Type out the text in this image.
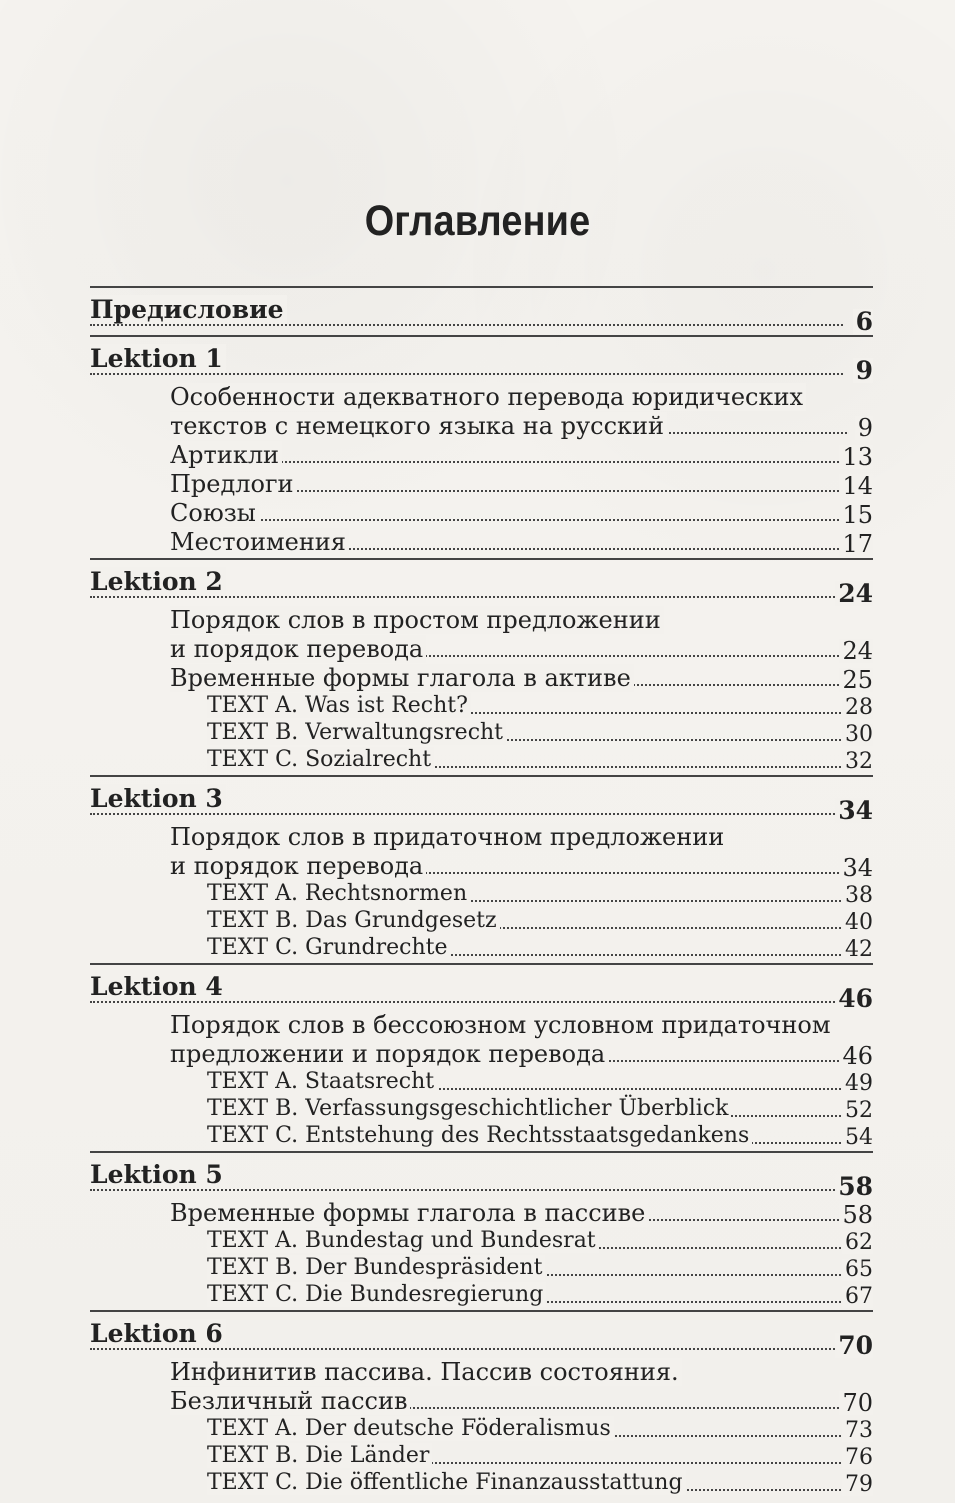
Оглавление
Предисловие	6
Lektion 1	9
Особенности адекватного перевода юридических
текстов с немецкого языка на русский	9
Артикли	13
Предлоги	14
Союзы	15
Местоимения	17
Lektion 2	24
Порядок слов в простом предложении
и порядок перевода	24
Временные формы глагола в активе	25
TEXT A. Was ist Recht?	28
TEXT B. Verwaltungsrecht	30
TEXT C. Sozialrecht	32
Lektion 3	34
Порядок слов в придаточном предложении
и порядок перевода	34
TEXT A. Rechtsnormen	38
TEXT B. Das Grundgesetz	40
TEXT C. Grundrechte	42
Lektion 4	46
Порядок слов в бессоюзном условном придаточном
предложении и порядок перевода	46
TEXT A. Staatsrecht	49
TEXT B. Verfassungsgeschichtlicher Überblick	52
TEXT C. Entstehung des Rechtsstaatsgedankens	54
Lektion 5	58
Временные формы глагола в пассиве	58
TEXT A. Bundestag und Bundesrat	62
TEXT B. Der Bundespräsident	65
TEXT C. Die Bundesregierung	67
Lektion 6	70
Инфинитив пассива. Пассив состояния.
Безличный пассив	70
TEXT A. Der deutsche Föderalismus	73
TEXT B. Die Länder	76
TEXT C. Die öffentliche Finanzausstattung	79
